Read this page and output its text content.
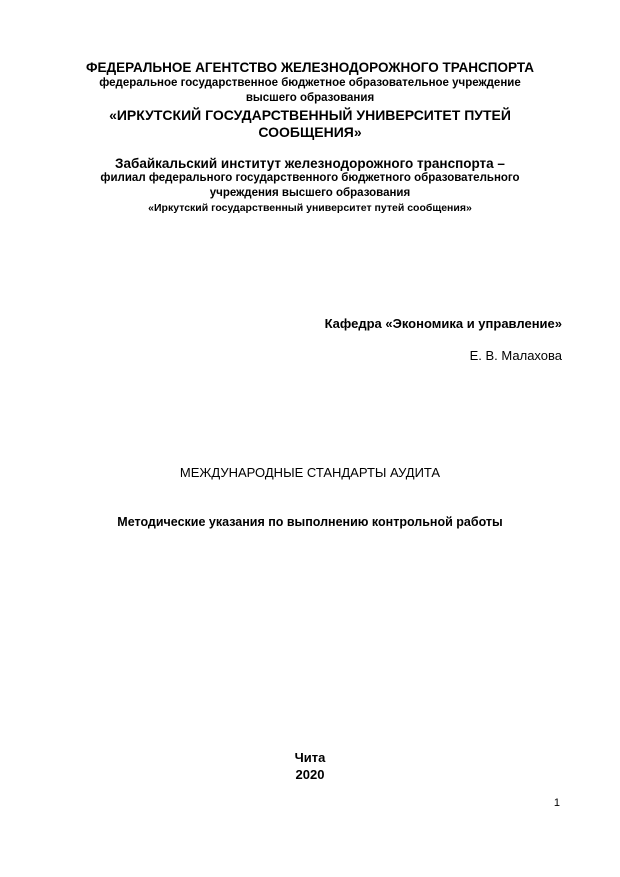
ФЕДЕРАЛЬНОЕ АГЕНТСТВО ЖЕЛЕЗНОДОРОЖНОГО ТРАНСПОРТА
федеральное государственное бюджетное образовательное учреждение
высшего образования
«ИРКУТСКИЙ ГОСУДАРСТВЕННЫЙ УНИВЕРСИТЕТ ПУТЕЙ
СООБЩЕНИЯ»
Забайкальский институт железнодорожного транспорта –
филиал федерального государственного бюджетного образовательного
учреждения высшего образования
«Иркутский государственный университет путей сообщения»
Кафедра «Экономика и управление»
Е. В. Малахова
МЕЖДУНАРОДНЫЕ СТАНДАРТЫ АУДИТА
Методические указания по выполнению контрольной работы
Чита
2020
1
